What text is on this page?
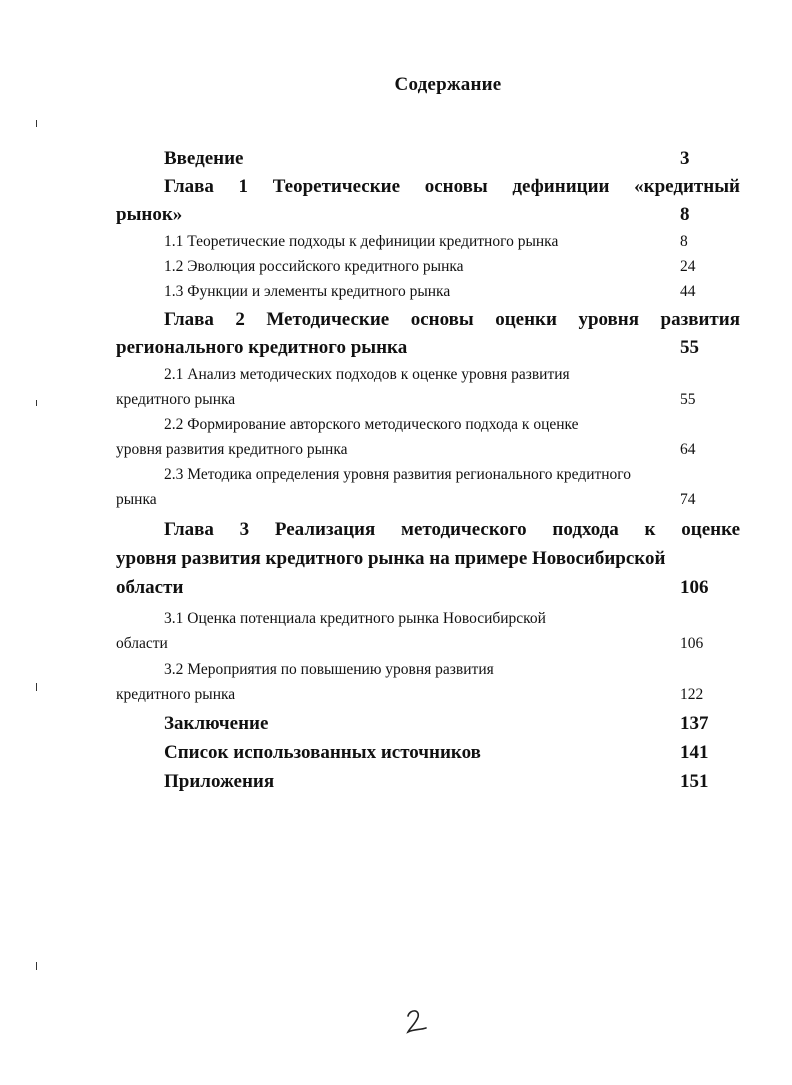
Содержание
Введение	3
Глава 1 Теоретические основы дефиниции «кредитный
рынок»	8
1.1 Теоретические подходы к дефиниции кредитного рынка	8
1.2 Эволюция российского кредитного рынка	24
1.3 Функции и элементы кредитного рынка	44
Глава 2 Методические основы оценки уровня развития
регионального кредитного рынка	55
2.1 Анализ методических подходов к оценке уровня развития
кредитного рынка	55
2.2 Формирование авторского методического подхода к оценке
уровня развития кредитного рынка	64
2.3 Методика определения уровня развития регионального кредитного
рынка	74
Глава 3 Реализация методического подхода к оценке
уровня развития кредитного рынка на примере Новосибирской
области	106
3.1 Оценка потенциала кредитного рынка Новосибирской
области	106
3.2 Мероприятия по повышению уровня развития
кредитного рынка	122
Заключение	137
Список использованных источников	141
Приложения	151
